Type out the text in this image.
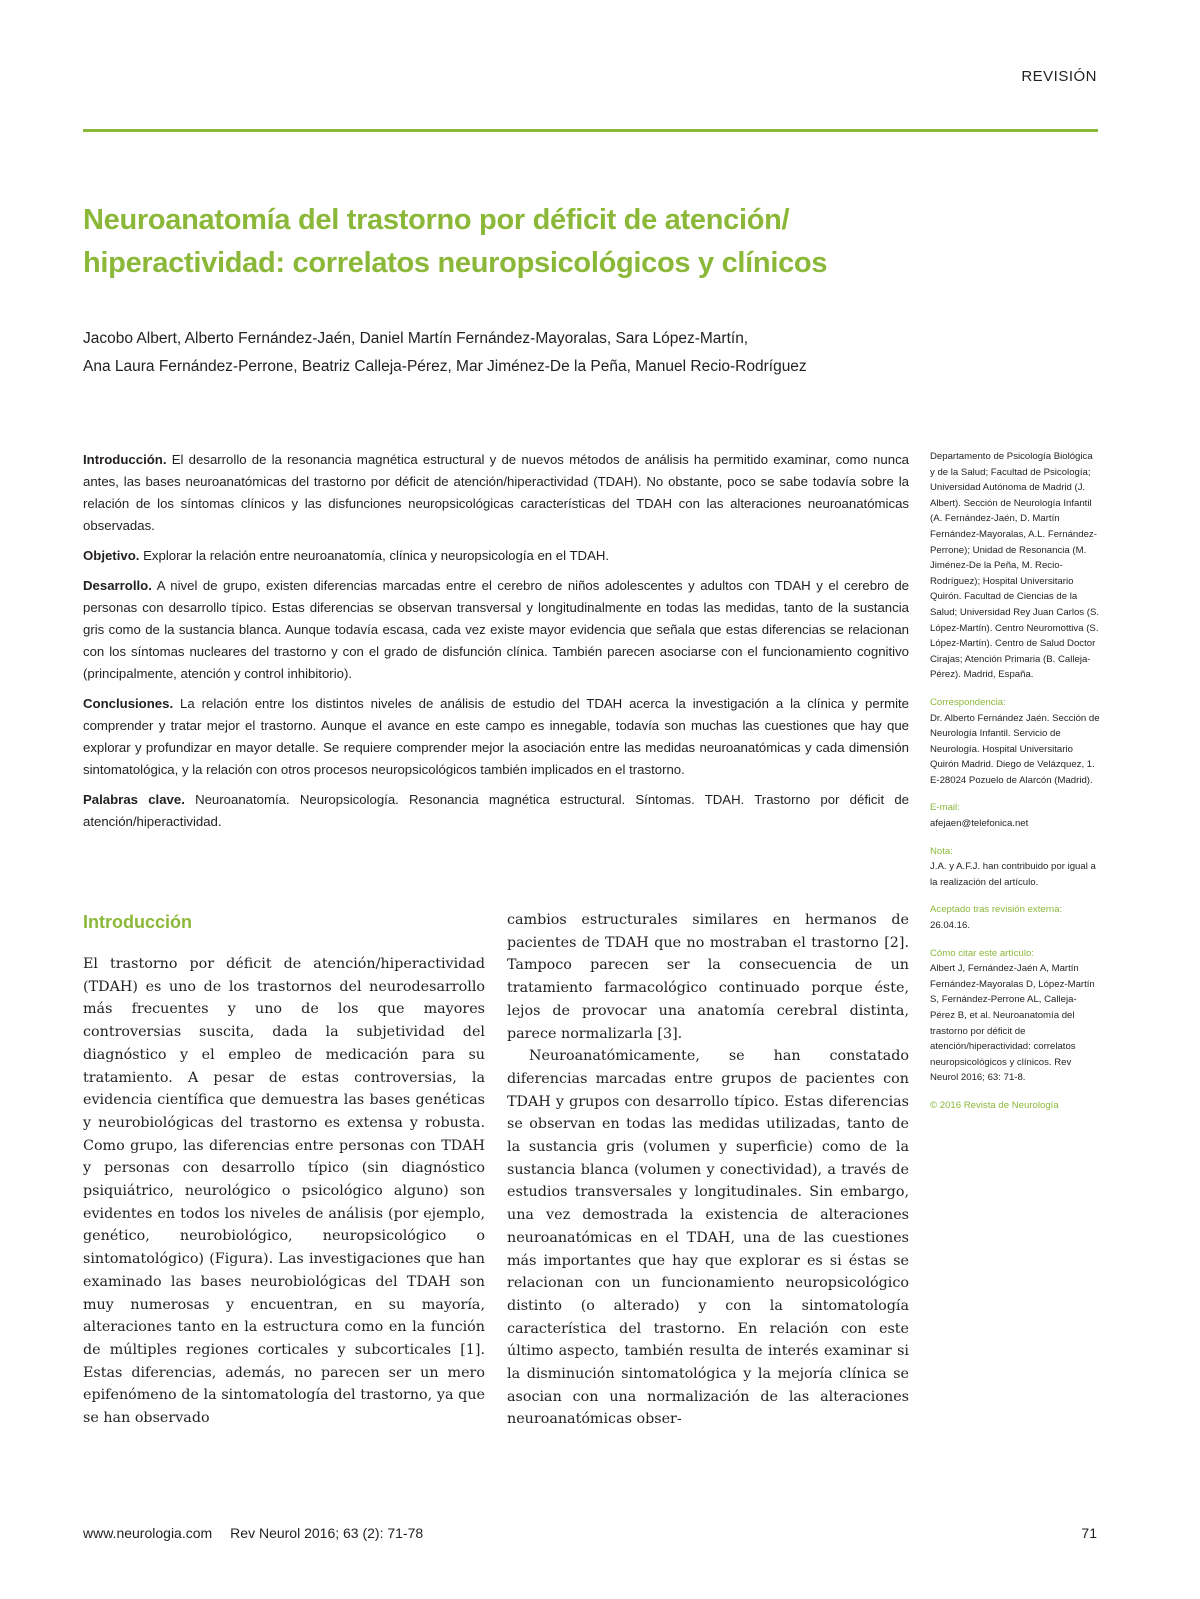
REVISIÓN
Neuroanatomía del trastorno por déficit de atención/
hiperactividad: correlatos neuropsicológicos y clínicos
Jacobo Albert, Alberto Fernández-Jaén, Daniel Martín Fernández-Mayoralas, Sara López-Martín,
Ana Laura Fernández-Perrone, Beatriz Calleja-Pérez, Mar Jiménez-De la Peña, Manuel Recio-Rodríguez

Introducción. El desarrollo de la resonancia magnética estructural y de nuevos métodos de análisis ha permitido examinar, como nunca antes, las bases neuroanatómicas del trastorno por déficit de atención/hiperactividad (TDAH). No obstante, poco se sabe todavía sobre la relación de los síntomas clínicos y las disfunciones neuropsicológicas características del TDAH con las alteraciones neuroanatómicas observadas.

Objetivo. Explorar la relación entre neuroanatomía, clínica y neuropsicología en el TDAH.

Desarrollo. A nivel de grupo, existen diferencias marcadas entre el cerebro de niños adolescentes y adultos con TDAH y el cerebro de personas con desarrollo típico. Estas diferencias se observan transversal y longitudinalmente en todas las medidas, tanto de la sustancia gris como de la sustancia blanca. Aunque todavía escasa, cada vez existe mayor evidencia que señala que estas diferencias se relacionan con los síntomas nucleares del trastorno y con el grado de disfunción clínica. También parecen asociarse con el funcionamiento cognitivo (principalmente, atención y control inhibitorio).

Conclusiones. La relación entre los distintos niveles de análisis de estudio del TDAH acerca la investigación a la clínica y permite comprender y tratar mejor el trastorno. Aunque el avance en este campo es innegable, todavía son muchas las cuestiones que hay que explorar y profundizar en mayor detalle. Se requiere comprender mejor la asociación entre las medidas neuroanatómicas y cada dimensión sintomatológica, y la relación con otros procesos neuropsicológicos también implicados en el trastorno.

Palabras clave. Neuroanatomía. Neuropsicología. Resonancia magnética estructural. Síntomas. TDAH. Trastorno por déficit de atención/hiperactividad.

Departamento de Psicología Biológica y de la Salud; Facultad de Psicología; Universidad Autónoma de Madrid (J. Albert). Sección de Neurología Infantil (A. Fernández-Jaén, D. Martín Fernández-Mayoralas, A.L. Fernández-Perrone); Unidad de Resonancia (M. Jiménez-De la Peña, M. Recio-Rodríguez); Hospital Universitario Quirón. Facultad de Ciencias de la Salud; Universidad Rey Juan Carlos (S. López-Martín). Centro Neuromottiva (S. López-Martín). Centro de Salud Doctor Cirajas; Atención Primaria (B. Calleja-Pérez). Madrid, España.
Correspondencia:
Dr. Alberto Fernández Jaén. Sección de Neurología Infantil. Servicio de Neurología. Hospital Universitario Quirón Madrid. Diego de Velázquez, 1. E-28024 Pozuelo de Alarcón (Madrid).
E-mail:
afejaen@telefonica.net
Nota:
J.A. y A.F.J. han contribuido por igual a la realización del artículo.
Aceptado tras revisión externa:
26.04.16.
Cómo citar este artículo:
Albert J, Fernández-Jaén A, Martín Fernández-Mayoralas D, López-Martín S, Fernández-Perrone AL, Calleja-Pérez B, et al. Neuroanatomía del trastorno por déficit de atención/hiperactividad: correlatos neuropsicológicos y clínicos. Rev Neurol 2016; 63: 71-8.
© 2016 Revista de Neurología
Introducción

El trastorno por déficit de atención/hiperactividad (TDAH) es uno de los trastornos del neurodesarrollo más frecuentes y uno de los que mayores controversias suscita, dada la subjetividad del diagnóstico y el empleo de medicación para su tratamiento. A pesar de estas controversias, la evidencia científica que demuestra las bases genéticas y neurobiológicas del trastorno es extensa y robusta. Como grupo, las diferencias entre personas con TDAH y personas con desarrollo típico (sin diagnóstico psiquiátrico, neurológico o psicológico alguno) son evidentes en todos los niveles de análisis (por ejemplo, genético, neurobiológico, neuropsicológico o sintomatológico) (Figura). Las investigaciones que han examinado las bases neurobiológicas del TDAH son muy numerosas y encuentran, en su mayoría, alteraciones tanto en la estructura como en la función de múltiples regiones corticales y subcorticales [1]. Estas diferencias, además, no parecen ser un mero epifenómeno de la sintomatología del trastorno, ya que se han observado

cambios estructurales similares en hermanos de pacientes de TDAH que no mostraban el trastorno [2]. Tampoco parecen ser la consecuencia de un tratamiento farmacológico continuado porque éste, lejos de provocar una anatomía cerebral distinta, parece normalizarla [3].

Neuroanatómicamente, se han constatado diferencias marcadas entre grupos de pacientes con TDAH y grupos con desarrollo típico. Estas diferencias se observan en todas las medidas utilizadas, tanto de la sustancia gris (volumen y superficie) como de la sustancia blanca (volumen y conectividad), a través de estudios transversales y longitudinales. Sin embargo, una vez demostrada la existencia de alteraciones neuroanatómicas en el TDAH, una de las cuestiones más importantes que hay que explorar es si éstas se relacionan con un funcionamiento neuropsicológico distinto (o alterado) y con la sintomatología característica del trastorno. En relación con este último aspecto, también resulta de interés examinar si la disminución sintomatológica y la mejoría clínica se asocian con una normalización de las alteraciones neuroanatómicas obser-

www.neurologia.com Rev Neurol 2016; 63 (2): 71-78	71
